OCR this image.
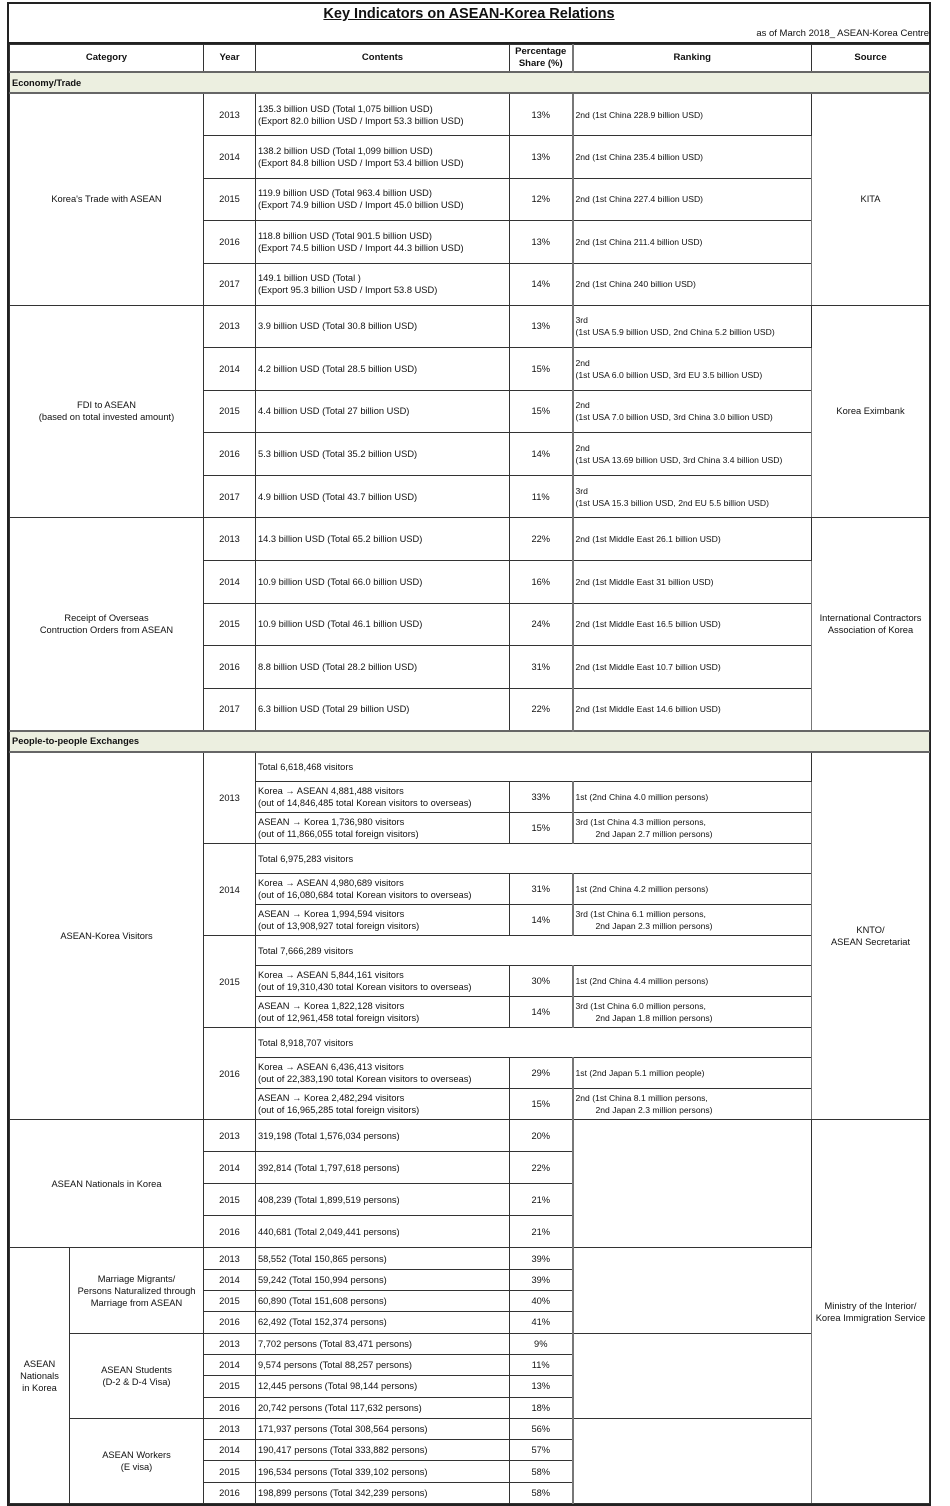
Key Indicators on ASEAN-Korea Relations
as of March 2018_ ASEAN-Korea Centre
Category		Year	Contents	Percentage
Share (%)	Ranking	Source
Economy/Trade						
Korea's Trade with ASEAN		2013	135.3 billion USD (Total 1,075 billion USD)
(Export 82.0 billion USD / Import 53.3 billion USD)	13%	2nd (1st China 228.9 billion USD)	KITA
		2014	138.2 billion USD (Total 1,099 billion USD)
(Export 84.8 billion USD / Import 53.4 billion USD)	13%	2nd (1st China 235.4 billion USD)	
		2015	119.9 billion USD (Total 963.4 billion USD)
(Export 74.9 billion USD / Import 45.0 billion USD)	12%	2nd (1st China 227.4 billion USD)	
		2016	118.8 billion USD (Total 901.5 billion USD)
(Export 74.5 billion USD / Import 44.3 billion USD)	13%	2nd (1st China 211.4 billion USD)	
		2017	149.1 billion USD (Total )
(Export 95.3 billion USD / Import 53.8 USD)	14%	2nd (1st China 240 billion USD)	
FDI to ASEAN
(based on total invested amount)		2013	3.9 billion USD (Total 30.8 billion USD)	13%	3rd
(1st USA 5.9 billion USD, 2nd China 5.2 billion USD)	Korea Eximbank
		2014	4.2 billion USD (Total 28.5 billion USD)	15%	2nd
(1st USA 6.0 billion USD, 3rd EU 3.5 billion USD)	
		2015	4.4 billion USD (Total 27 billion USD)	15%	2nd
(1st USA 7.0 billion USD, 3rd China 3.0 billion USD)	
		2016	5.3 billion USD (Total 35.2 billion USD)	14%	2nd
(1st USA 13.69 billion USD, 3rd China 3.4 billion USD)	
		2017	4.9 billion USD (Total 43.7 billion USD)	11%	3rd
(1st USA 15.3 billion USD, 2nd EU 5.5 billion USD)	
Receipt of Overseas
Contruction Orders from ASEAN		2013	14.3 billion USD (Total 65.2 billion USD)	22%	2nd (1st Middle East 26.1 billion USD)	International Contractors
Association of Korea
		2014	10.9 billion USD (Total 66.0 billion USD)	16%	2nd (1st Middle East 31 billion USD)	
		2015	10.9 billion USD (Total 46.1 billion USD)	24%	2nd (1st Middle East 16.5 billion USD)	
		2016	8.8 billion USD (Total 28.2 billion USD)	31%	2nd (1st Middle East 10.7 billion USD)	
		2017	6.3 billion USD (Total 29 billion USD)	22%	2nd (1st Middle East 14.6 billion USD)	
People-to-people Exchanges						
ASEAN-Korea Visitors		2013	Total 6,618,468 visitors			KNTO/
ASEAN Secretariat
			Korea → ASEAN 4,881,488 visitors
(out of 14,846,485 total Korean visitors to overseas)	33%	1st (2nd China 4.0 million persons)	
			ASEAN → Korea 1,736,980 visitors
(out of 11,866,055 total foreign visitors)	15%	3rd (1st China 4.3 million persons,
2nd Japan 2.7 million persons)	
		2014	Total 6,975,283 visitors			
			Korea → ASEAN 4,980,689 visitors
(out of 16,080,684 total Korean visitors to overseas)	31%	1st (2nd China 4.2 million persons)	
			ASEAN → Korea 1,994,594 visitors
(out of 13,908,927 total foreign visitors)	14%	3rd (1st China 6.1 million persons,
2nd Japan 2.3 million persons)	
		2015	Total 7,666,289 visitors			
			Korea → ASEAN 5,844,161 visitors
(out of 19,310,430 total Korean visitors to overseas)	30%	1st (2nd China 4.4 million persons)	
			ASEAN → Korea 1,822,128 visitors
(out of 12,961,458 total foreign visitors)	14%	3rd (1st China 6.0 million persons,
2nd Japan 1.8 million persons)	
		2016	Total 8,918,707 visitors			
			Korea → ASEAN 6,436,413 visitors
(out of 22,383,190 total Korean visitors to overseas)	29%	1st (2nd Japan 5.1 million people)	
			ASEAN → Korea 2,482,294 visitors
(out of 16,965,285 total foreign visitors)	15%	2nd (1st China 8.1 million persons,
2nd Japan 2.3 million persons)	
ASEAN Nationals in Korea		2013	319,198 (Total 1,576,034 persons)	20%		Ministry of the Interior/
Korea Immigration Service
		2014	392,814 (Total 1,797,618 persons)	22%		
		2015	408,239 (Total 1,899,519 persons)	21%		
		2016	440,681 (Total 2,049,441 persons)	21%		
ASEAN
Nationals
in Korea	Marriage Migrants/
Persons Naturalized through
Marriage from ASEAN	2013	58,552 (Total 150,865 persons)	39%		
		2014	59,242 (Total 150,994 persons)	39%		
		2015	60,890 (Total 151,608 persons)	40%		
		2016	62,492 (Total 152,374 persons)	41%		
	ASEAN Students
(D-2 & D-4 Visa)	2013	7,702 persons (Total 83,471 persons)	9%		
		2014	9,574 persons (Total 88,257 persons)	11%		
		2015	12,445 persons (Total 98,144 persons)	13%		
		2016	20,742 persons (Total 117,632 persons)	18%		
	ASEAN Workers
(E visa)	2013	171,937 persons (Total 308,564 persons)	56%		
		2014	190,417 persons (Total 333,882 persons)	57%		
		2015	196,534 persons (Total 339,102 persons)	58%		
		2016	198,899 persons (Total 342,239 persons)	58%		
